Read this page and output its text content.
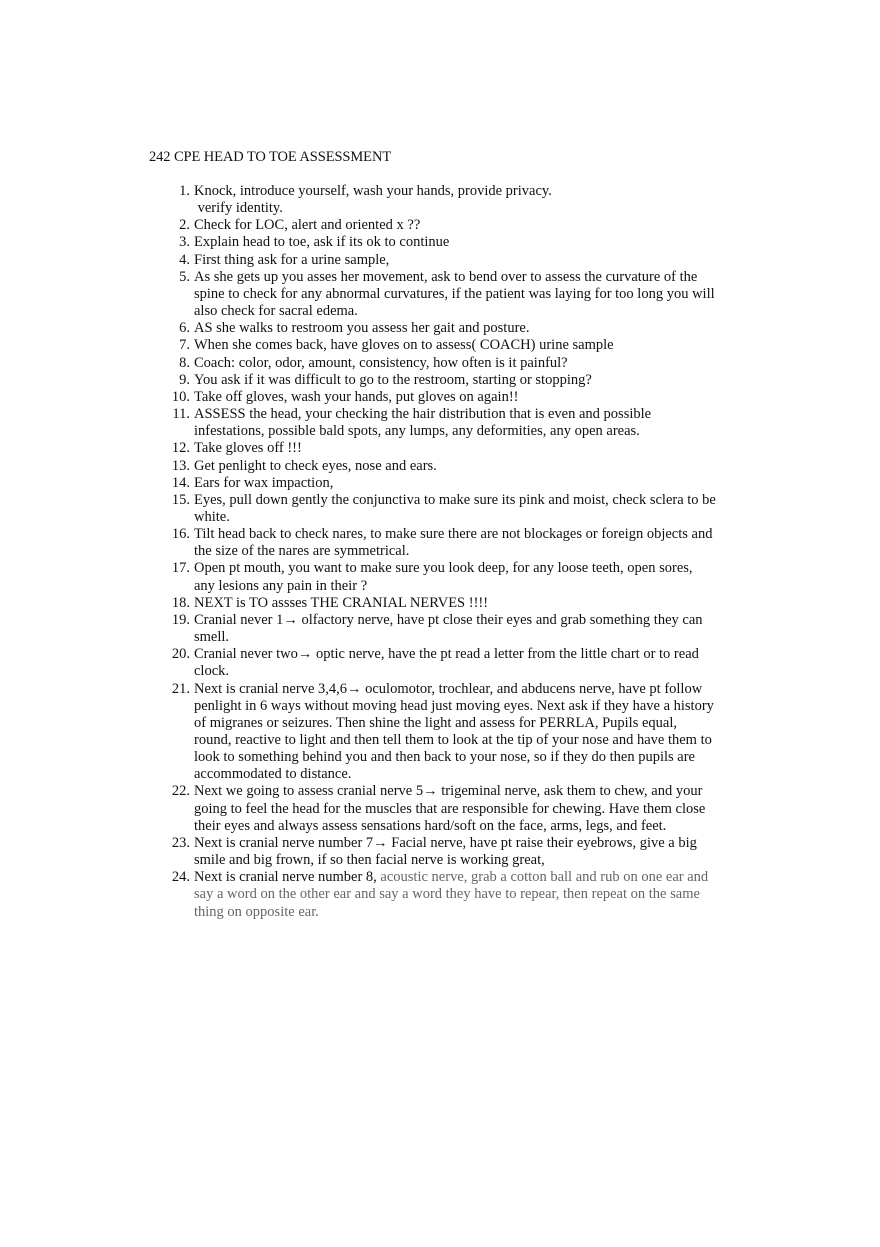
242 CPE HEAD TO TOE ASSESSMENT
1. Knock, introduce yourself, wash your hands, provide privacy.
verify identity.
2. Check for LOC, alert and oriented x ??
3. Explain head to toe, ask if its ok to continue
4. First thing ask for a urine sample,
5. As she gets up you asses her movement, ask to bend over to assess the curvature of the
spine to check for any abnormal curvatures, if the patient was laying for too long you will
also check for sacral edema.
6. AS she walks to restroom you assess her gait and posture.
7. When she comes back, have gloves on to assess( COACH) urine sample
8. Coach: color, odor, amount, consistency, how often is it painful?
9. You ask if it was difficult to go to the restroom, starting or stopping?
10. Take off gloves, wash your hands, put gloves on again!!
11. ASSESS the head, your checking the hair distribution that is even and possible
infestations, possible bald spots, any lumps, any deformities, any open areas.
12. Take gloves off !!!
13. Get penlight to check eyes, nose and ears.
14. Ears for wax impaction,
15. Eyes, pull down gently the conjunctiva to make sure its pink and moist, check sclera to be
white.
16. Tilt head back to check nares, to make sure there are not blockages or foreign objects and
the size of the nares are symmetrical.
17. Open pt mouth, you want to make sure you look deep, for any loose teeth, open sores,
any lesions any pain in their ?
18. NEXT is TO assses THE CRANIAL NERVES !!!!
19. Cranial never 1→ olfactory nerve, have pt close their eyes and grab something they can
smell.
20. Cranial never two→ optic nerve, have the pt read a letter from the little chart or to read
clock.
21. Next is cranial nerve 3,4,6→ oculomotor, trochlear, and abducens nerve, have pt follow
penlight in 6 ways without moving head just moving eyes. Next ask if they have a history
of migranes or seizures. Then shine the light and assess for PERRLA, Pupils equal,
round, reactive to light and then tell them to look at the tip of your nose and have them to
look to something behind you and then back to your nose, so if they do then pupils are
accommodated to distance.
22. Next we going to assess cranial nerve 5→ trigeminal nerve, ask them to chew, and your
going to feel the head for the muscles that are responsible for chewing. Have them close
their eyes and always assess sensations hard/soft on the face, arms, legs, and feet.
23. Next is cranial nerve number 7→ Facial nerve, have pt raise their eyebrows, give a big
smile and big frown, if so then facial nerve is working great,
24. Next is cranial nerve number 8, acoustic nerve, grab a cotton ball and rub on one ear and
say a word on the other ear and say a word they have to repear, then repeat on the same
thing on opposite ear.
